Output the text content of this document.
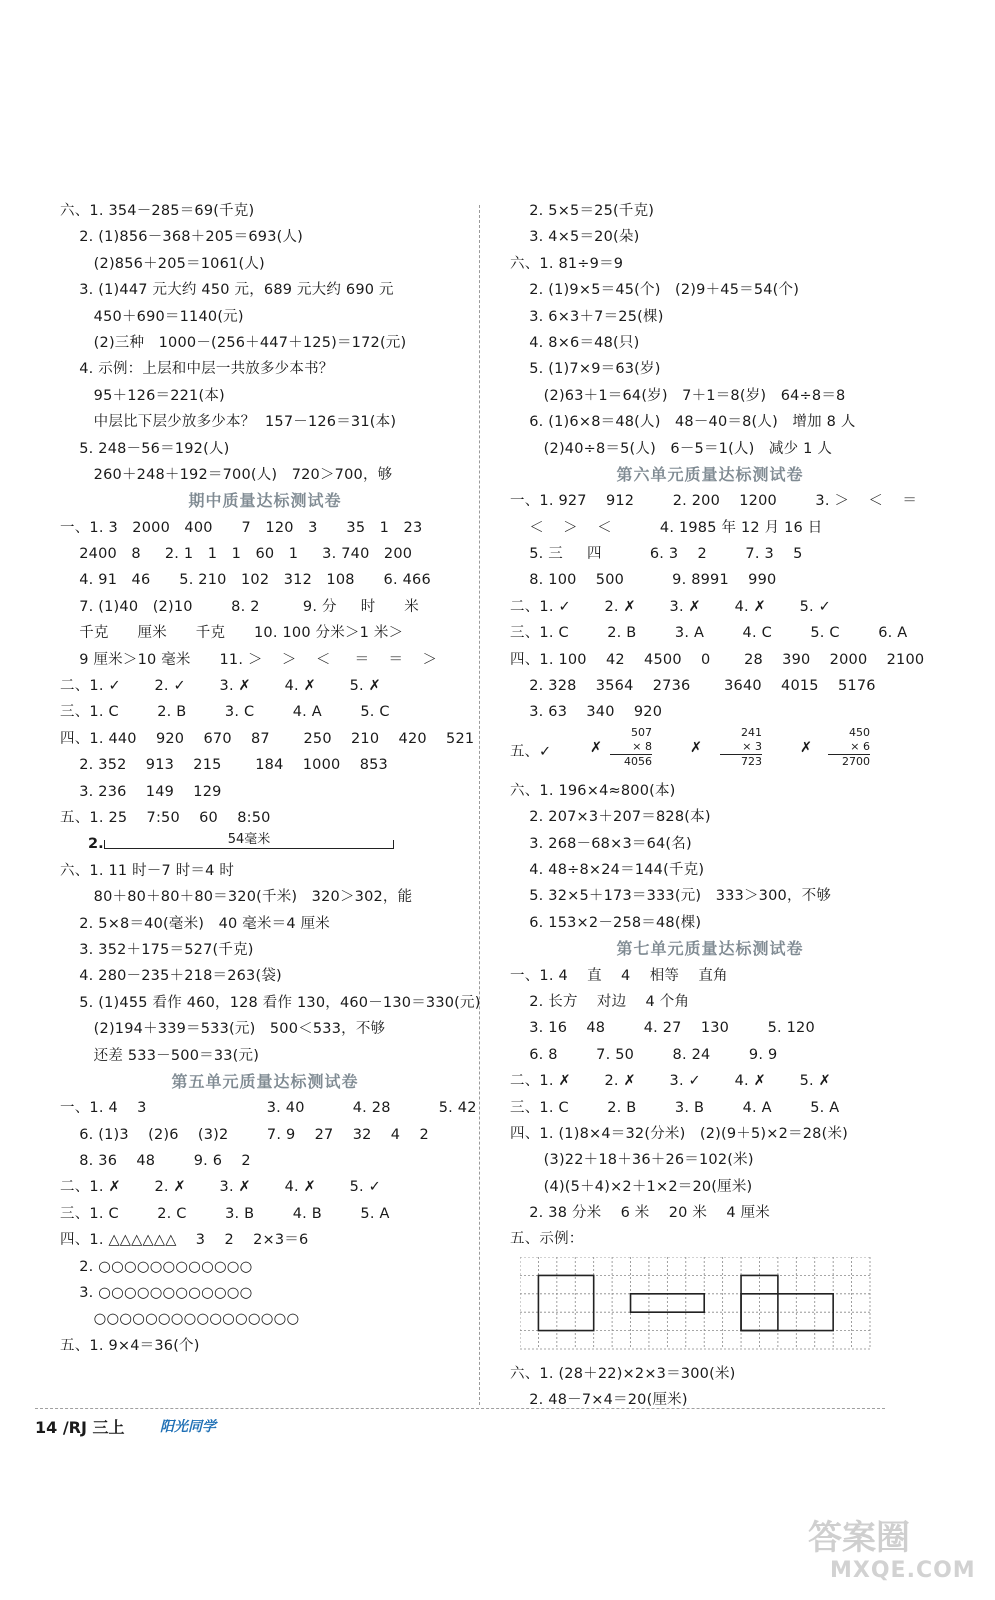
六、1. 354－285＝69(千克)
2. (1)856－368＋205＝693(人)
(2)856＋205＝1061(人)
3. (1)447 元大约 450 元，689 元大约 690 元
450＋690＝1140(元)
(2)三种   1000－(256＋447＋125)＝172(元)
4. 示例：上层和中层一共放多少本书？
95＋126＝221(本)
中层比下层少放多少本？  157－126＝31(本)
5. 248－56＝192(人)
260＋248＋192＝700(人)   720＞700，够
期中质量达标测试卷
一、1. 3   2000   400      7   120   3      35   1   23
2400   8     2. 1   1   1   60   1     3. 740   200
4. 91   46      5. 210   102   312   108      6. 466
7. (1)40   (2)10        8. 2         9. 分     时      米
千克      厘米      千克      10. 100 分米＞1 米＞
9 厘米＞10 毫米      11. ＞    ＞    ＜     ＝    ＝    ＞
二、1. ✓       2. ✓       3. ✗       4. ✗       5. ✗
三、1. C        2. B        3. C        4. A        5. C
四、1. 440    920    670    87       250    210    420    521
2. 352    913    215       184    1000    853
3. 236    149    129
五、1. 25    7:50    60    8:50
2.	54毫米
六、1. 11 时－7 时＝4 时
80＋80＋80＋80＝320(千米)   320＞302，能
2. 5×8＝40(毫米)   40 毫米＝4 厘米
3. 352＋175＝527(千克)
4. 280－235＋218＝263(袋)
5. (1)455 看作 460，128 看作 130，460－130＝330(元)
(2)194＋339＝533(元)   500＜533，不够
还差 533－500＝33(元)
第五单元质量达标测试卷
一、1. 4    3                         3. 40          4. 28          5. 42
6. (1)3    (2)6    (3)2        7. 9    27    32    4    2
8. 36    48        9. 6    2
二、1. ✗       2. ✗       3. ✗       4. ✗       5. ✓
三、1. C        2. C        3. B        4. B        5. A
四、1. △△△△△△    3    2    2×3＝6
2. ○○○○○○○○○○○○
3. ○○○○○○○○○○○○
○○○○○○○○○○○○○○○○
五、1. 9×4＝36(个)
2. 5×5＝25(千克)
3. 4×5＝20(朵)
六、1. 81÷9＝9
2. (1)9×5＝45(个)   (2)9＋45＝54(个)
3. 6×3＋7＝25(棵)
4. 8×6＝48(只)
5. (1)7×9＝63(岁)
(2)63＋1＝64(岁)   7＋1＝8(岁)   64÷8＝8
6. (1)6×8＝48(人)   48－40＝8(人)   增加 8 人
(2)40÷8＝5(人)   6－5＝1(人)   减少 1 人
第六单元质量达标测试卷
一、1. 927    912        2. 200    1200        3. ＞    ＜    ＝
＜    ＞    ＜          4. 1985 年 12 月 16 日
5. 三     四          6. 3    2        7. 3    5
8. 100    500          9. 8991    990
二、1. ✓       2. ✗       3. ✗       4. ✗       5. ✓
三、1. C        2. B        3. A        4. C        5. C        6. A
四、1. 100    42    4500    0       28    390    2000    2100
2. 328    3564    2736       3640    4015    5176
3. 63    340    920
五、✓	✗	✗	✗
507
× 8
4056
241
× 3
723
450
× 6
2700
六、1. 196×4≈800(本)
2. 207×3＋207＝828(本)
3. 268－68×3＝64(名)
4. 48÷8×24＝144(千克)
5. 32×5＋173＝333(元)   333＞300，不够
6. 153×2－258＝48(棵)
第七单元质量达标测试卷
一、1. 4    直    4    相等    直角
2. 长方    对边    4 个角
3. 16    48        4. 27    130        5. 120
6. 8        7. 50        8. 24        9. 9
二、1. ✗       2. ✗       3. ✓       4. ✗       5. ✗
三、1. C        2. B        3. B        4. A        5. A
四、1. (1)8×4＝32(分米)   (2)(9＋5)×2＝28(米)
(3)22＋18＋36＋26＝102(米)
(4)(5＋4)×2＋1×2＝20(厘米)
2. 38 分米    6 米    20 米    4 厘米
五、示例：
六、1. (28＋22)×2×3＝300(米)
2. 48－7×4＝20(厘米)
14 /RJ 三上	阳光同学
答案圈
MXQE.COM
